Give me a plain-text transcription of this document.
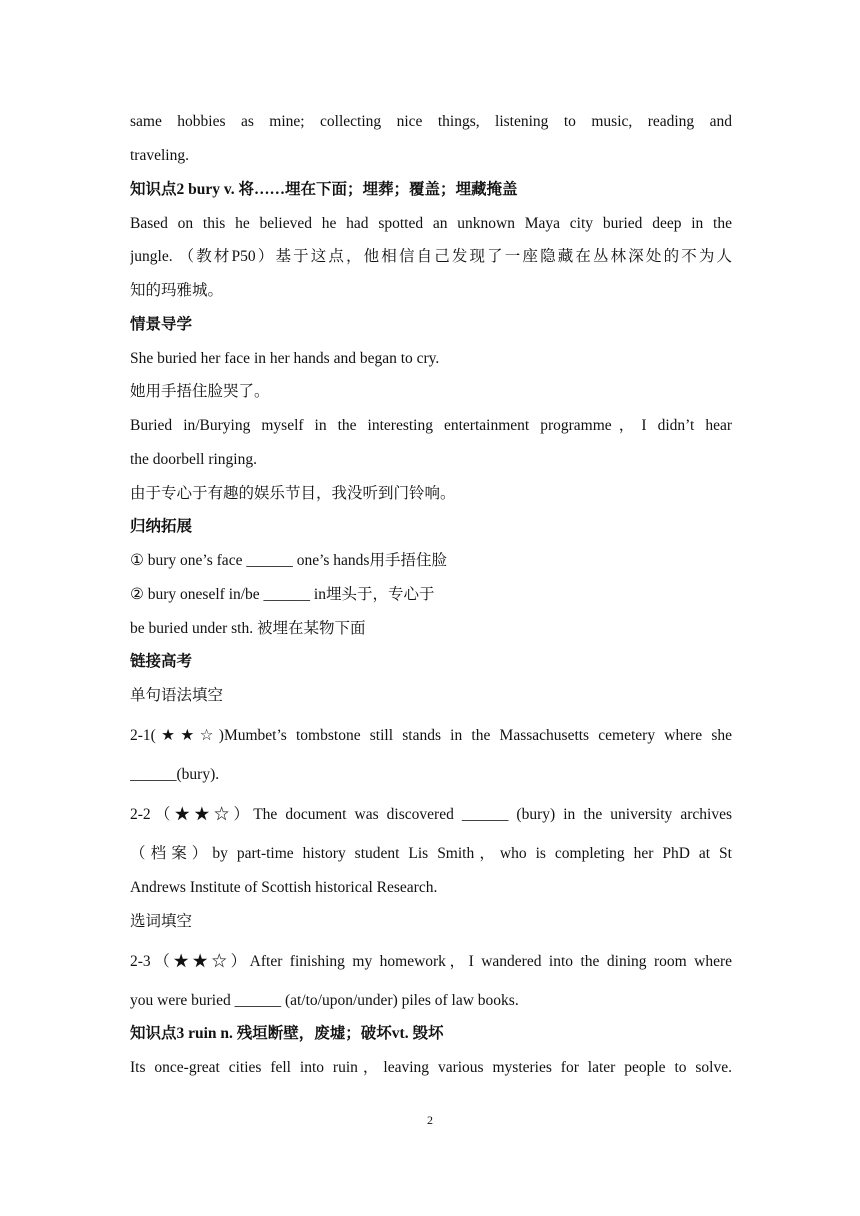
same hobbies as mine; collecting nice things, listening to music, reading and
traveling.
知识点2 bury v. 将……埋在下面；埋葬；覆盖；埋藏掩盖
Based on this he believed he had spotted an unknown Maya city buried deep in the
jungle. （教材P50）基于这点，他相信自己发现了一座隐藏在丛林深处的不为人
知的玛雅城。
情景导学
She buried her face in her hands and began to cry.
她用手捂住脸哭了。
Buried in/Burying myself in the interesting entertainment programme，I didn’t hear
the doorbell ringing.
由于专心于有趣的娱乐节目，我没听到门铃响。
归纳拓展
① bury one’s face ______ one’s hands用手捂住脸
② bury oneself in/be ______ in埋头于，专心于
be buried under sth. 被埋在某物下面
链接高考
单句语法填空
2-1(★★☆)Mumbet’s tombstone still stands in the Massachusetts cemetery where she
______(bury).
2-2（★★☆）The document was discovered ______ (bury) in the university archives
（档案）by part-time history student Lis Smith，who is completing her PhD at St
Andrews Institute of Scottish historical Research.
选词填空
2-3（★★☆）After finishing my homework，I wandered into the dining room where
you were buried ______ (at/to/upon/under) piles of law books.
知识点3 ruin n. 残垣断壁，废墟；破坏vt. 毁坏
Its once-great cities fell into ruin，leaving various mysteries for later people to solve.
2
